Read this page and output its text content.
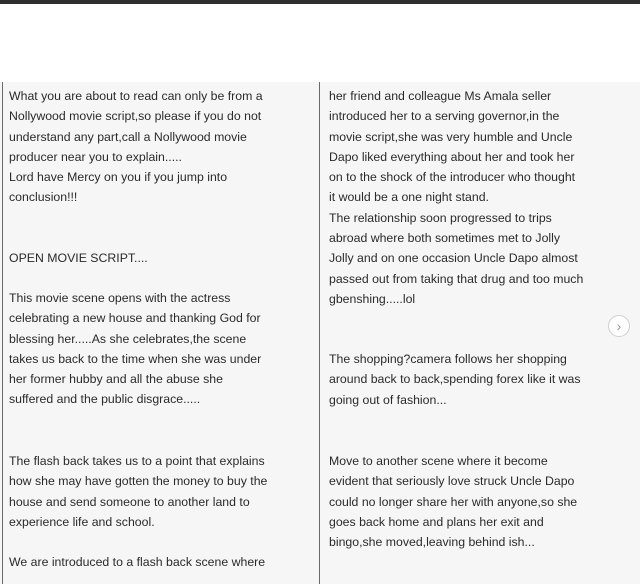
What you are about to read can only be from a
Nollywood movie script,so please if you do not
understand any part,call a Nollywood movie
producer near you to explain.....
Lord have Mercy on you if you jump into
conclusion!!!
OPEN MOVIE SCRIPT....
This movie scene opens with the actress
celebrating a new house and thanking God for
blessing her.....As she celebrates,the scene
takes us back to the time when she was under
her former hubby and all the abuse she
suffered and the public disgrace.....
The flash back takes us to a point that explains
how she may have gotten the money to buy the
house and send someone to another land to
experience life and school.
We are introduced to a flash back scene where
her friend and colleague Ms Amala seller
introduced her to a serving governor,in the
movie script,she was very humble and Uncle
Dapo liked everything about her and took her
on to the shock of the introducer who thought
it would be a one night stand.
The relationship soon progressed to trips
abroad where both sometimes met to Jolly
Jolly and on one occasion Uncle Dapo almost
passed out from taking that drug and too much
gbenshing.....lol
The shopping?camera follows her shopping
around back to back,spending forex like it was
going out of fashion...
Move to another scene where it become
evident that seriously love struck Uncle Dapo
could no longer share her with anyone,so she
goes back home and plans her exit and
bingo,she moved,leaving behind ish...
›
